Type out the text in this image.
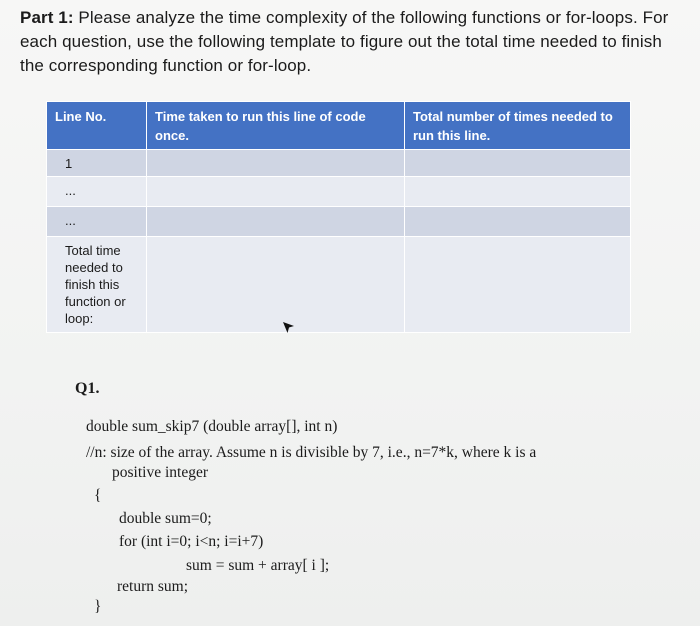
Part 1: Please analyze the time complexity of the following functions or for-loops. For each question, use the following template to figure out the total time needed to finish the corresponding function or for-loop.
Line No.	Time taken to run this line of code once.	Total number of times needed to run this line.
1		
...		
...		
Total time needed to finish this function or loop:		
Q1.
double sum_skip7 (double array[], int n)
//n: size of the array. Assume n is divisible by 7, i.e., n=7*k, where k is a
positive integer
{
double sum=0;
for (int i=0; i<n; i=i+7)
sum = sum + array[ i ];
return sum;
}
